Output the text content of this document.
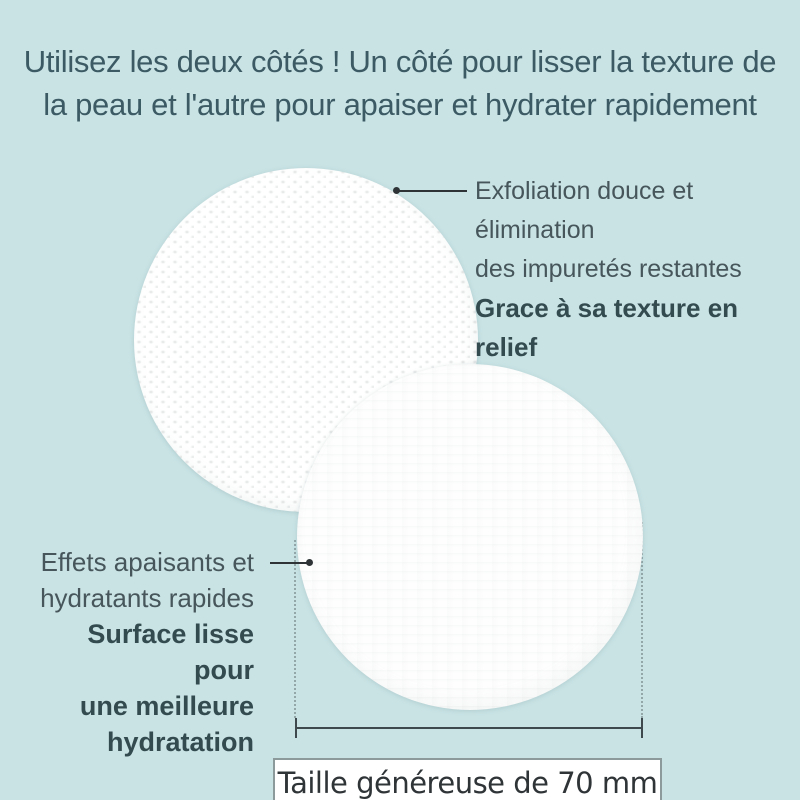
Utilisez les deux côtés ! Un côté pour lisser la texture de
la peau et l'autre pour apaiser et hydrater rapidement
Exfoliation douce et élimination
des impuretés restantes
Grace à sa texture en relief
Effets apaisants et
hydratants rapides
Surface lisse pour
une meilleure
hydratation
Taille généreuse de 70 mm
